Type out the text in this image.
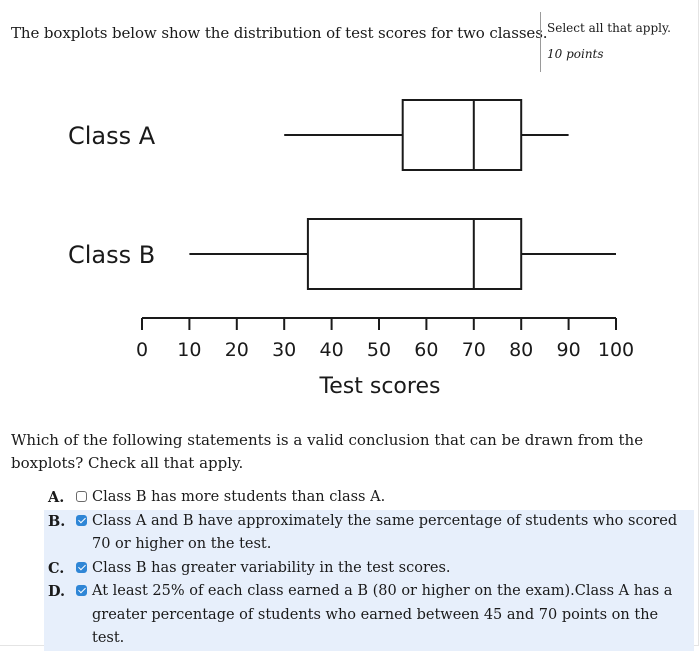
The boxplots below show the distribution of test scores for two classes. Select all that apply.
10 points
Class A
Class B
0 10 20 30 40 50 60 70 80 90 100
Test scores
Which of the following statements is a valid conclusion that can be drawn from the boxplots? Check all that apply.
A.	Class B has more students than class A.
B.	Class A and B have approximately the same percentage of students who scored 70 or higher on the test.
C.	Class B has greater variability in the test scores.
D.	At least 25% of each class earned a B (80 or higher on the exam).Class A has a greater percentage of students who earned between 45 and 70 points on the test.
